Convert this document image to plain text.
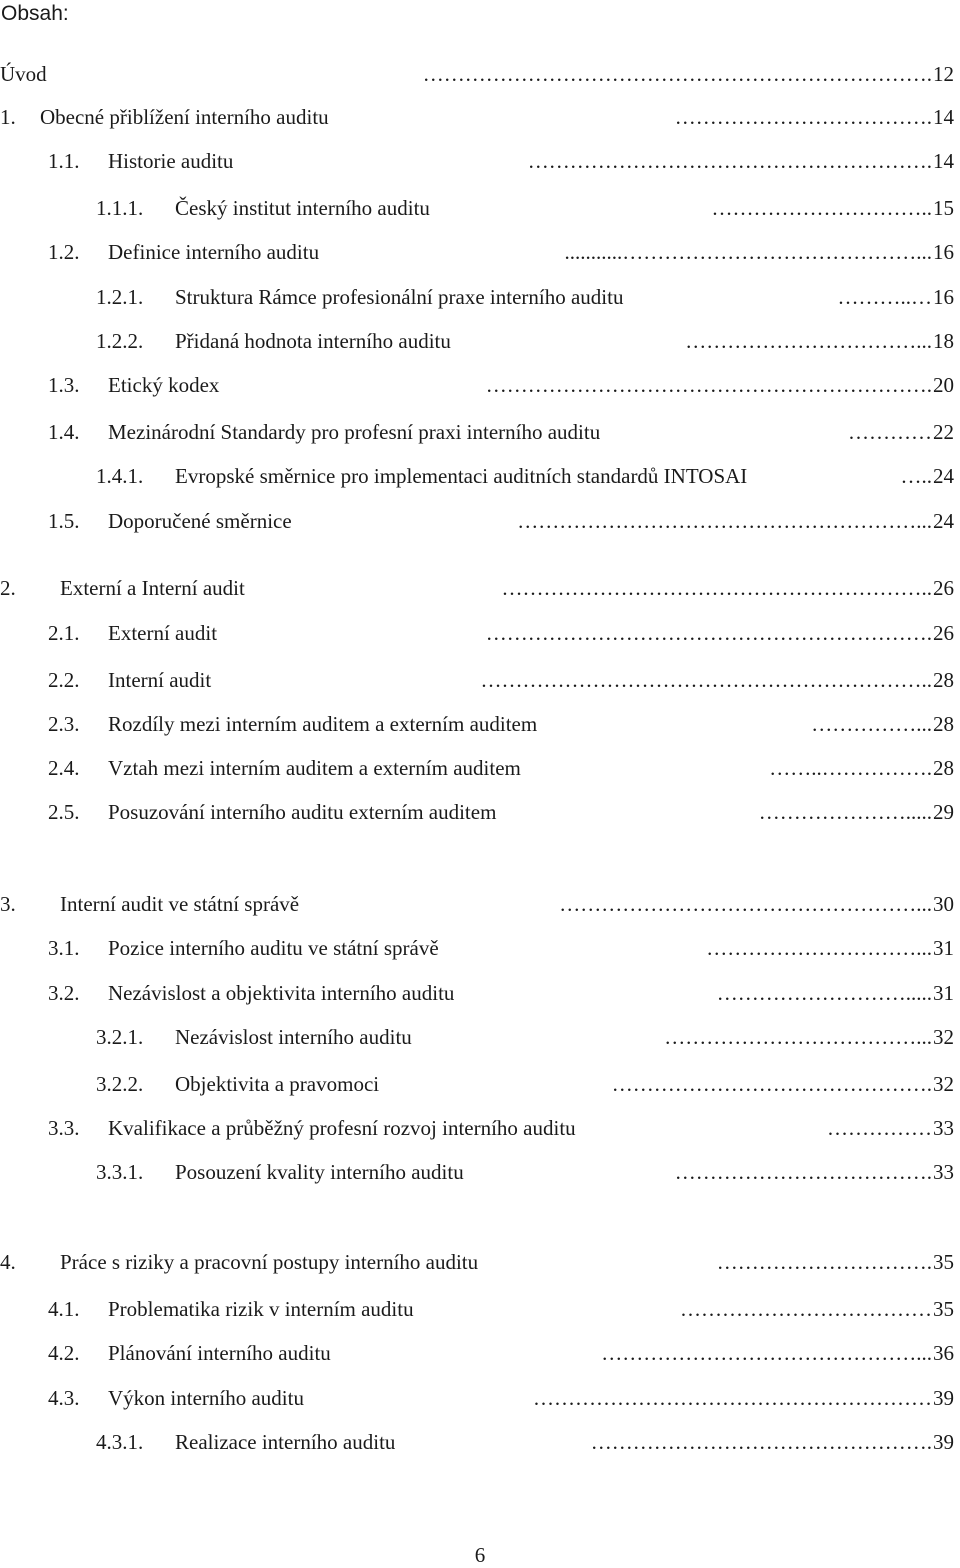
Obsah:
Úvod	………………………………………………………………. 12
1. Obecné přiblížení interního auditu	………………………………. 14
1.1. Historie auditu	…………………………………………………. 14
1.1.1. Český institut interního auditu	………………………….. 15
1.2. Definice interního auditu	...........……………………………………... 16
1.2.1. Struktura Rámce profesionální praxe interního auditu	………..… 16
1.2.2. Přidaná hodnota interního auditu	……………………………... 18
1.3. Etický kodex	………………………………………………………. 20
1.4. Mezinárodní Standardy pro profesní praxi interního auditu	………… 22
1.4.1. Evropské směrnice pro implementaci auditních standardů INTOSAI	….. 24
1.5. Doporučené směrnice	…………………………………………………... 24
2. Externí a Interní audit	…………………………………………………….. 26
2.1. Externí audit	………………………………………………………. 26
2.2. Interní audit	……………………………………………………….. 28
2.3. Rozdíly mezi interním auditem a externím auditem	……………... 28
2.4. Vztah mezi interním auditem a externím auditem	……..……………. 28
2.5. Posuzování interního auditu externím auditem	…………………..... 29
3. Interní audit ve státní správě	……………………………………………... 30
3.1. Pozice interního auditu ve státní správě	…………………………... 31
3.2. Nezávislost a objektivita interního auditu	………………………..... 31
3.2.1. Nezávislost interního auditu	………………………………... 32
3.2.2. Objektivita a pravomoci	………………………………………. 32
3.3. Kvalifikace a průběžný profesní rozvoj interního auditu	…………… 33
3.3.1. Posouzení kvality interního auditu	………………………………. 33
4. Práce s riziky a pracovní postupy interního auditu	…………………………. 35
4.1. Problematika rizik v interním auditu	……………………………… 35
4.2. Plánování interního auditu	………………………………………... 36
4.3. Výkon interního auditu	………………………………………………… 39
4.3.1. Realizace interního auditu	…………………………………………. 39
6
